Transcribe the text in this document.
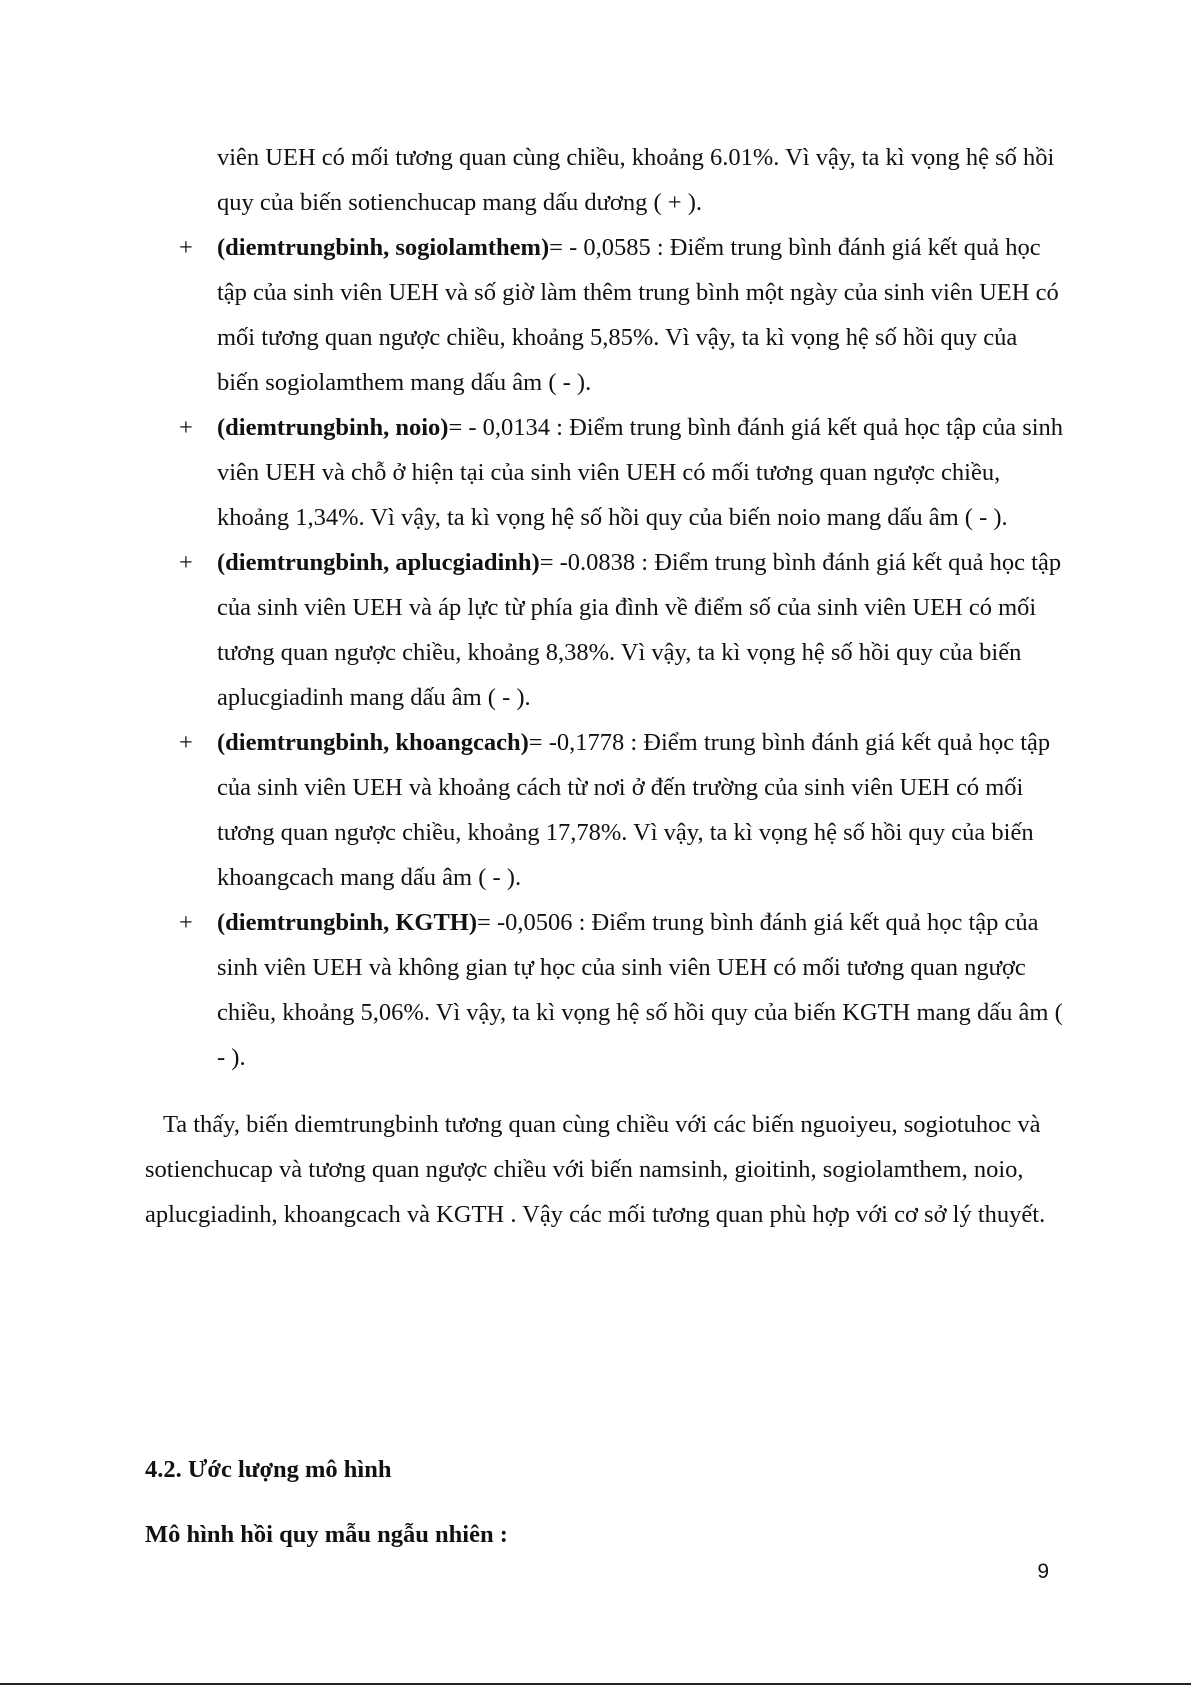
viên UEH có mối tương quan cùng chiều, khoảng 6.01%. Vì vậy, ta kì vọng hệ số hồi quy của biến sotienchucap mang dấu dương ( + ).
+ (diemtrungbinh, sogiolamthem)= - 0,0585 : Điểm trung bình đánh giá kết quả học tập của sinh viên UEH và số giờ làm thêm trung bình một ngày của sinh viên UEH có mối tương quan ngược chiều, khoảng 5,85%. Vì vậy, ta kì vọng hệ số hồi quy của biến sogiolamthem mang dấu âm ( - ).
+ (diemtrungbinh, noio)= - 0,0134 : Điểm trung bình đánh giá kết quả học tập của sinh viên UEH và chỗ ở hiện tại của sinh viên UEH có mối tương quan ngược chiều, khoảng 1,34%. Vì vậy, ta kì vọng hệ số hồi quy của biến noio mang dấu âm ( - ).
+ (diemtrungbinh, aplucgiadinh)= -0.0838 : Điểm trung bình đánh giá kết quả học tập của sinh viên UEH và áp lực từ phía gia đình về điểm số của sinh viên UEH có mối tương quan ngược chiều, khoảng 8,38%. Vì vậy, ta kì vọng hệ số hồi quy của biến aplucgiadinh mang dấu âm ( - ).
+ (diemtrungbinh, khoangcach)= -0,1778 : Điểm trung bình đánh giá kết quả học tập của sinh viên UEH và khoảng cách từ nơi ở đến trường của sinh viên UEH có mối tương quan ngược chiều, khoảng 17,78%. Vì vậy, ta kì vọng hệ số hồi quy của biến khoangcach mang dấu âm ( - ).
+ (diemtrungbinh, KGTH)= -0,0506 : Điểm trung bình đánh giá kết quả học tập của sinh viên UEH và không gian tự học của sinh viên UEH có mối tương quan ngược chiều, khoảng 5,06%. Vì vậy, ta kì vọng hệ số hồi quy của biến KGTH mang dấu âm ( - ).
Ta thấy, biến diemtrungbinh tương quan cùng chiều với các biến nguoiyeu, sogiotuhoc và sotienchucap và tương quan ngược chiều với biến namsinh, gioitinh, sogiolamthem, noio, aplucgiadinh, khoangcach và KGTH . Vậy các mối tương quan phù hợp với cơ sở lý thuyết.
4.2. Ước lượng mô hình
Mô hình hồi quy mẫu ngẫu nhiên :
9
